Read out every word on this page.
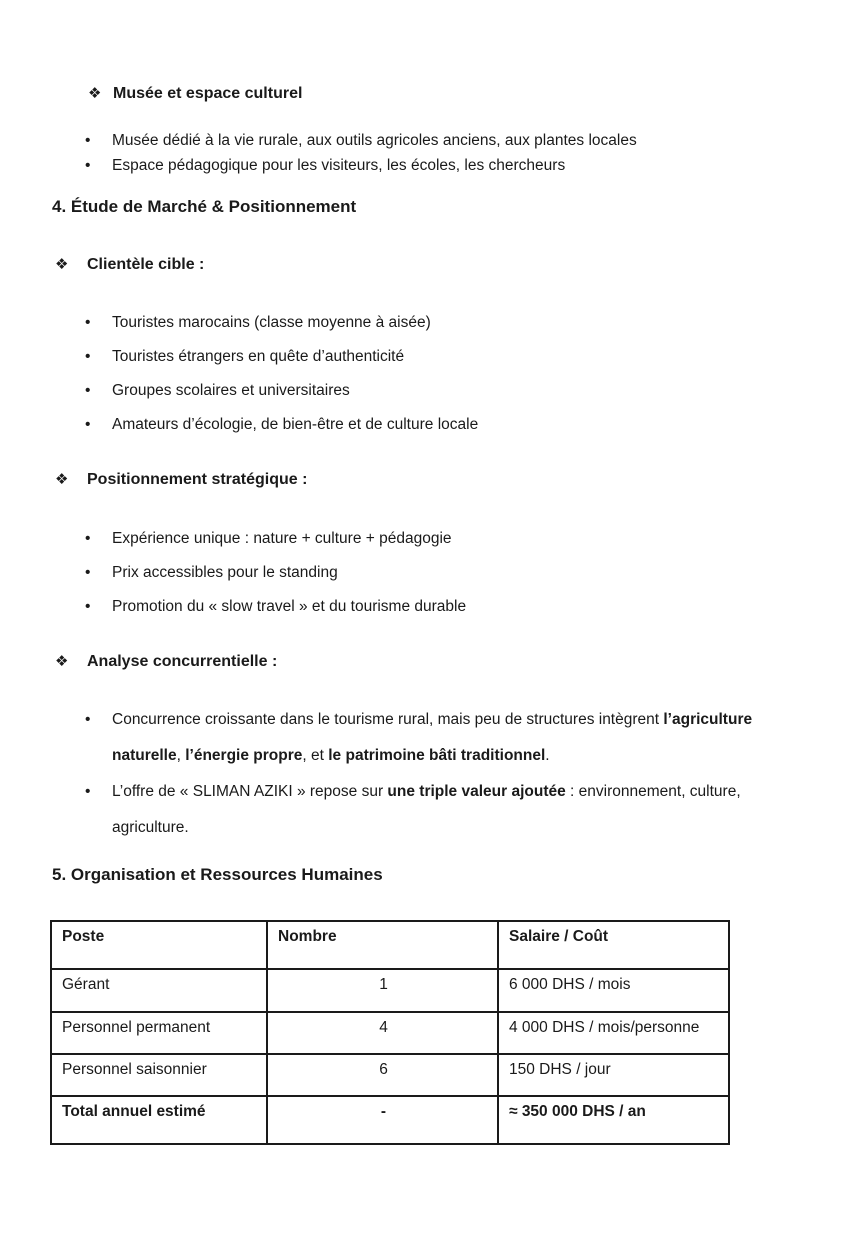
❖ Musée et espace culturel
•	Musée dédié à la vie rurale, aux outils agricoles anciens, aux plantes locales
•	Espace pédagogique pour les visiteurs, les écoles, les chercheurs
4. Étude de Marché & Positionnement
❖ Clientèle cible :
•	Touristes marocains (classe moyenne à aisée)
•	Touristes étrangers en quête d’authenticité
•	Groupes scolaires et universitaires
•	Amateurs d’écologie, de bien-être et de culture locale
❖ Positionnement stratégique :
•	Expérience unique : nature + culture + pédagogie
•	Prix accessibles pour le standing
•	Promotion du « slow travel » et du tourisme durable
❖ Analyse concurrentielle :
•	Concurrence croissante dans le tourisme rural, mais peu de structures intègrent l’agriculture naturelle, l’énergie propre, et le patrimoine bâti traditionnel.
•	L’offre de « SLIMAN AZIKI » repose sur une triple valeur ajoutée : environnement, culture, agriculture.
5. Organisation et Ressources Humaines
Poste	Nombre	Salaire / Coût
Gérant	1	6 000 DHS / mois
Personnel permanent	4	4 000 DHS / mois/personne
Personnel saisonnier	6	150 DHS / jour
Total annuel estimé	-	≈ 350 000 DHS / an
